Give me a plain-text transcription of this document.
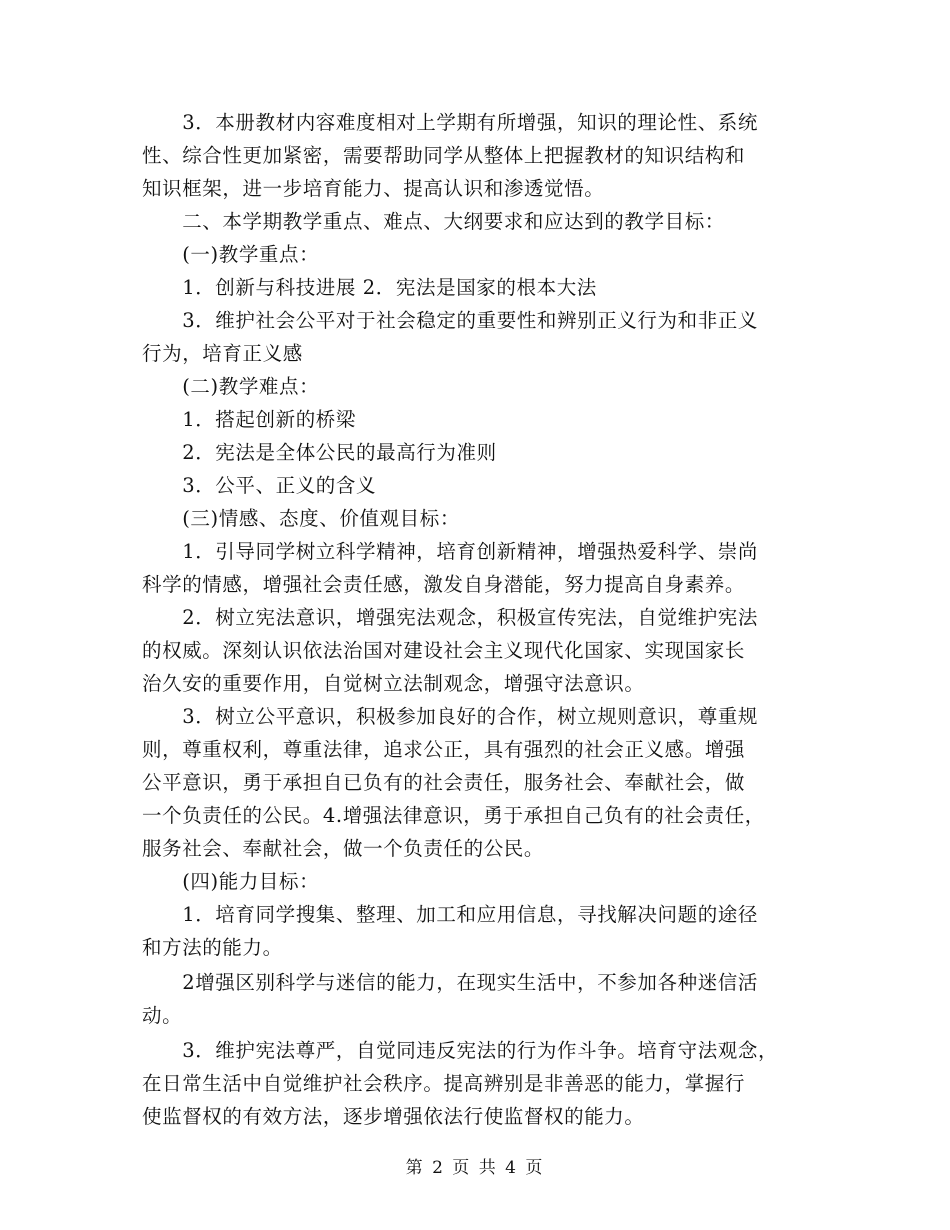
　　3．本册教材内容难度相对上学期有所增强，知识的理论性、系统
性、综合性更加紧密，需要帮助同学从整体上把握教材的知识结构和
知识框架，进一步培育能力、提高认识和渗透觉悟。

　　二、本学期教学重点、难点、大纲要求和应达到的教学目标：

　　(一)教学重点：

　　1．创新与科技进展 2．宪法是国家的根本大法

　　3．维护社会公平对于社会稳定的重要性和辨别正义行为和非正义
行为，培育正义感

　　(二)教学难点：

　　1．搭起创新的桥梁

　　2．宪法是全体公民的最高行为准则

　　3．公平、正义的含义

　　(三)情感、态度、价值观目标：

　　1．引导同学树立科学精神，培育创新精神，增强热爱科学、崇尚
科学的情感，增强社会责任感，激发自身潜能，努力提高自身素养。

　　2．树立宪法意识，增强宪法观念，积极宣传宪法，自觉维护宪法
的权威。深刻认识依法治国对建设社会主义现代化国家、实现国家长
治久安的重要作用，自觉树立法制观念，增强守法意识。

　　3．树立公平意识，积极参加良好的合作，树立规则意识，尊重规
则，尊重权利，尊重法律，追求公正，具有强烈的社会正义感。增强
公平意识，勇于承担自已负有的社会责任，服务社会、奉献社会，做
一个负责任的公民。4.增强法律意识，勇于承担自己负有的社会责任，
服务社会、奉献社会，做一个负责任的公民。

　　(四)能力目标：

　　1．培育同学搜集、整理、加工和应用信息，寻找解决问题的途径
和方法的能力。

　　2增强区别科学与迷信的能力，在现实生活中，不参加各种迷信活
动。

　　3．维护宪法尊严，自觉同违反宪法的行为作斗争。培育守法观念，
在日常生活中自觉维护社会秩序。提高辨别是非善恶的能力，掌握行
使监督权的有效方法，逐步增强依法行使监督权的能力。

第 2 页 共 4 页
